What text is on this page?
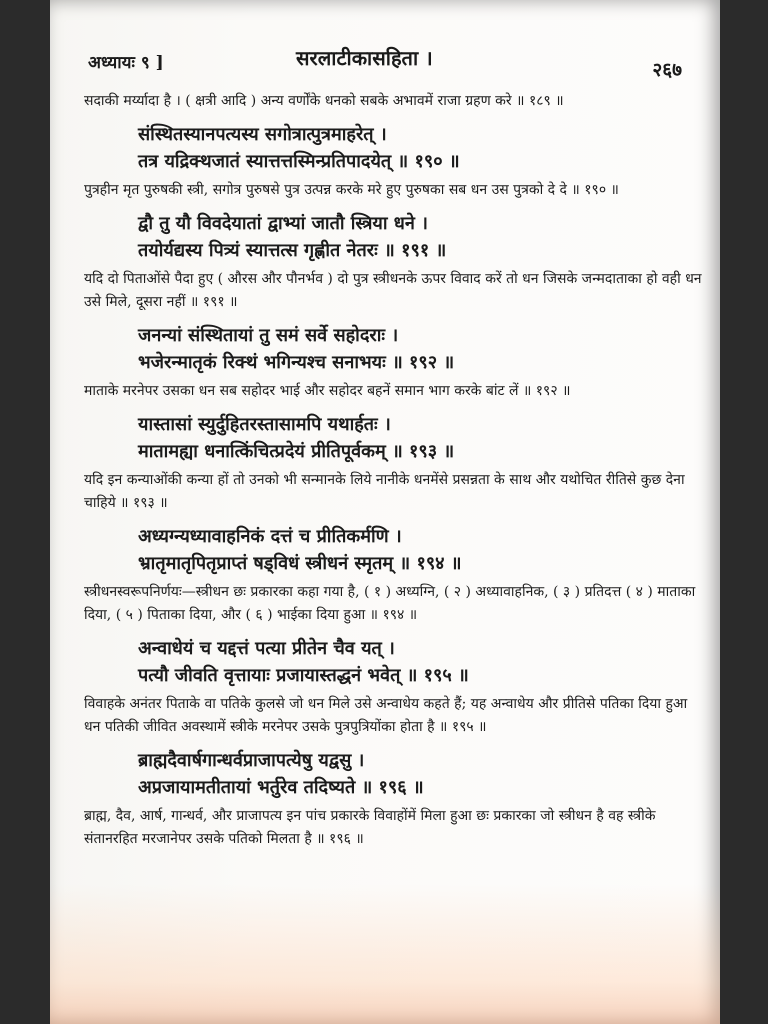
अध्यायः ९ ]	सरलाटीकासहिता ।	२६७

सदाकी मर्य्यादा है । ( क्षत्री आदि ) अन्य वर्णोंके धनको सबके अभावमें राजा ग्रहण करे ॥ १८९ ॥

संस्थितस्यानपत्यस्य सगोत्रात्पुत्रमाहरेत् ।
तत्र यद्रिक्थजातं स्यात्तत्तस्मिन्प्रतिपादयेत् ॥ १९० ॥

पुत्रहीन मृत पुरुषकी स्त्री, सगोत्र पुरुषसे पुत्र उत्पन्न करके मरे हुए पुरुषका सब धन उस पुत्रको दे दे ॥ १९० ॥

द्वौ तु यौ विवदेयातां द्वाभ्यां जातौ स्त्रिया धने ।
तयोर्यद्यस्य पित्र्यं स्यात्तत्स गृह्णीत नेतरः ॥ १९१ ॥

यदि दो पिताओंसे पैदा हुए ( औरस और पौनर्भव ) दो पुत्र स्त्रीधनके ऊपर विवाद करें तो धन जिसके जन्मदाताका हो वही धन उसे मिले, दूसरा नहीं ॥ १९१ ॥

जनन्यां संस्थितायां तु समं सर्वे सहोदराः ।
भजेरन्मातृकं रिक्थं भगिन्यश्च सनाभयः ॥ १९२ ॥

माताके मरनेपर उसका धन सब सहोदर भाई और सहोदर बहनें समान भाग करके बांट लें ॥ १९२ ॥

यास्तासां स्युर्दुहितरस्तासामपि यथार्हतः ।
मातामह्या धनात्किंचित्प्रदेयं प्रीतिपूर्वकम् ॥ १९३ ॥

यदि इन कन्याओंकी कन्या हों तो उनको भी सन्मानके लिये नानीके धनमेंसे प्रसन्नता के साथ और यथोचित रीतिसे कुछ देना चाहिये ॥ १९३ ॥

अध्यग्न्यध्यावाहनिकं दत्तं च प्रीतिकर्मणि ।
भ्रातृमातृपितृप्राप्तं षड्विधं स्त्रीधनं स्मृतम् ॥ १९४ ॥

स्त्रीधनस्वरूपनिर्णयः—स्त्रीधन छः प्रकारका कहा गया है, ( १ ) अध्यग्नि, ( २ ) अध्यावाहनिक, ( ३ ) प्रतिदत्त ( ४ ) माताका दिया, ( ५ ) पिताका दिया, और ( ६ ) भाईका दिया हुआ ॥ १९४ ॥

अन्वाधेयं च यद्दत्तं पत्या प्रीतेन चैव यत् ।
पत्यौ जीवति वृत्तायाः प्रजायास्तद्धनं भवेत् ॥ १९५ ॥

विवाहके अनंतर पिताके वा पतिके कुलसे जो धन मिले उसे अन्वाधेय कहते हैं; यह अन्वाधेय और प्रीतिसे पतिका दिया हुआ धन पतिकी जीवित अवस्थामें स्त्रीके मरनेपर उसके पुत्रपुत्रियोंका होता है ॥ १९५ ॥

ब्राह्मदैवार्षगान्धर्वप्राजापत्येषु यद्वसु ।
अप्रजायामतीतायां भर्तुरेव तदिष्यते ॥ १९६ ॥

ब्राह्म, दैव, आर्ष, गान्धर्व, और प्राजापत्य इन पांच प्रकारके विवाहोंमें मिला हुआ छः प्रकारका जो स्त्रीधन है वह स्त्रीके संतानरहित मरजानेपर उसके पतिको मिलता है ॥ १९६ ॥
